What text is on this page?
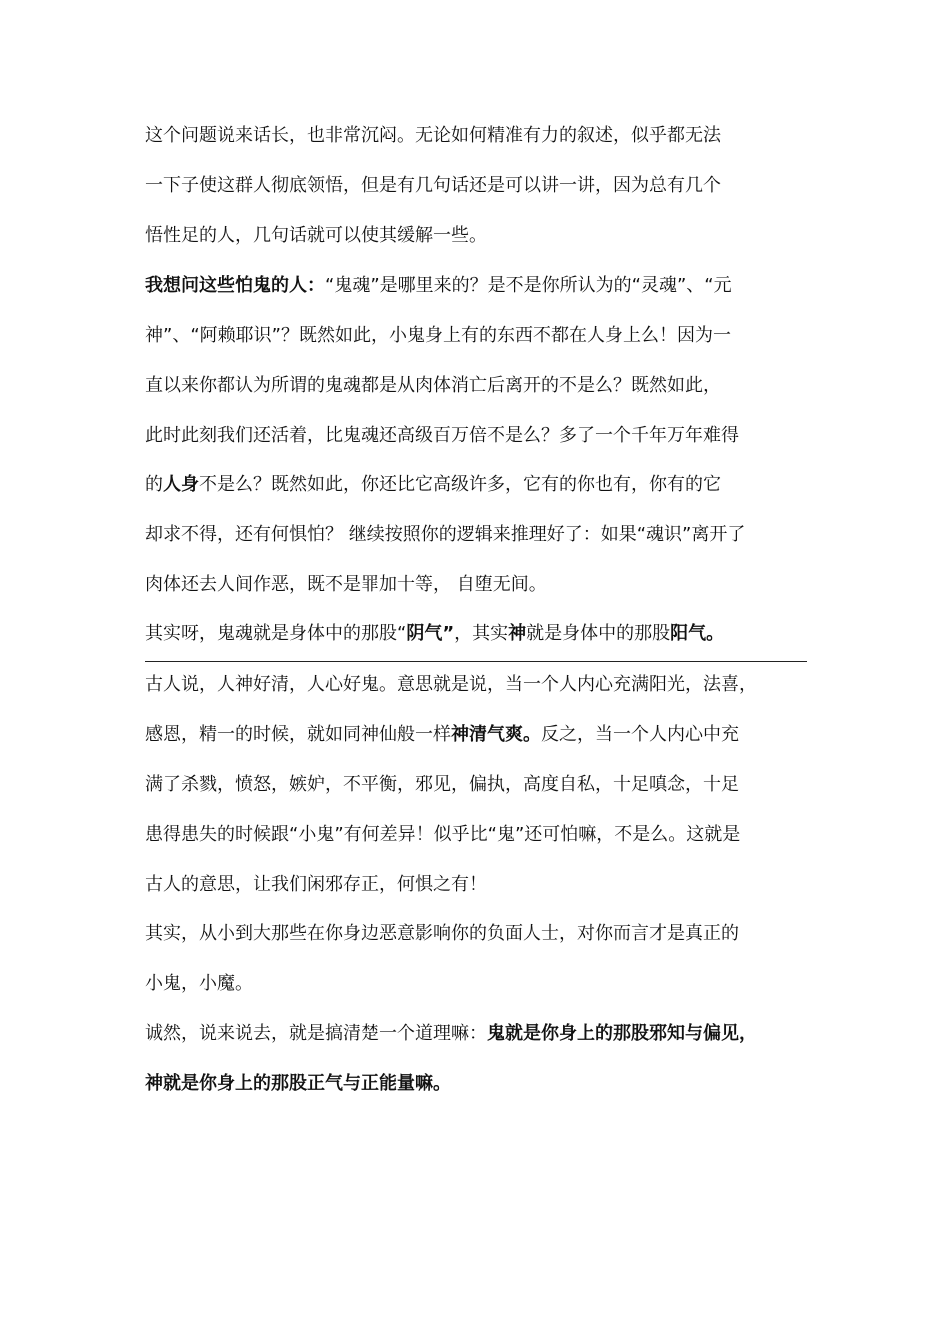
这个问题说来话长，也非常沉闷。无论如何精准有力的叙述，似乎都无法
一下子使这群人彻底领悟，但是有几句话还是可以讲一讲，因为总有几个
悟性足的人，几句话就可以使其缓解一些。
我想问这些怕鬼的人：“鬼魂”是哪里来的？是不是你所认为的“灵魂”、“元
神”、“阿赖耶识”？既然如此，小鬼身上有的东西不都在人身上么！因为一
直以来你都认为所谓的鬼魂都是从肉体消亡后离开的不是么？既然如此，
此时此刻我们还活着，比鬼魂还高级百万倍不是么？多了一个千年万年难得
的人身不是么？既然如此，你还比它高级许多，它有的你也有，你有的它
却求不得，还有何惧怕？ 继续按照你的逻辑来推理好了：如果“魂识”离开了
肉体还去人间作恶，既不是罪加十等， 自堕无间。
其实呀，鬼魂就是身体中的那股“阴气”，其实神就是身体中的那股阳气。
古人说，人神好清，人心好鬼。意思就是说，当一个人内心充满阳光，法喜，
感恩，精一的时候，就如同神仙般一样神清气爽。反之，当一个人内心中充
满了杀戮，愤怒，嫉妒，不平衡，邪见，偏执，高度自私，十足嗔念，十足
患得患失的时候跟“小鬼”有何差异！似乎比“鬼”还可怕嘛，不是么。这就是
古人的意思，让我们闲邪存正，何惧之有！
其实，从小到大那些在你身边恶意影响你的负面人士，对你而言才是真正的
小鬼，小魔。
诚然，说来说去，就是搞清楚一个道理嘛：鬼就是你身上的那股邪知与偏见，
神就是你身上的那股正气与正能量嘛。
